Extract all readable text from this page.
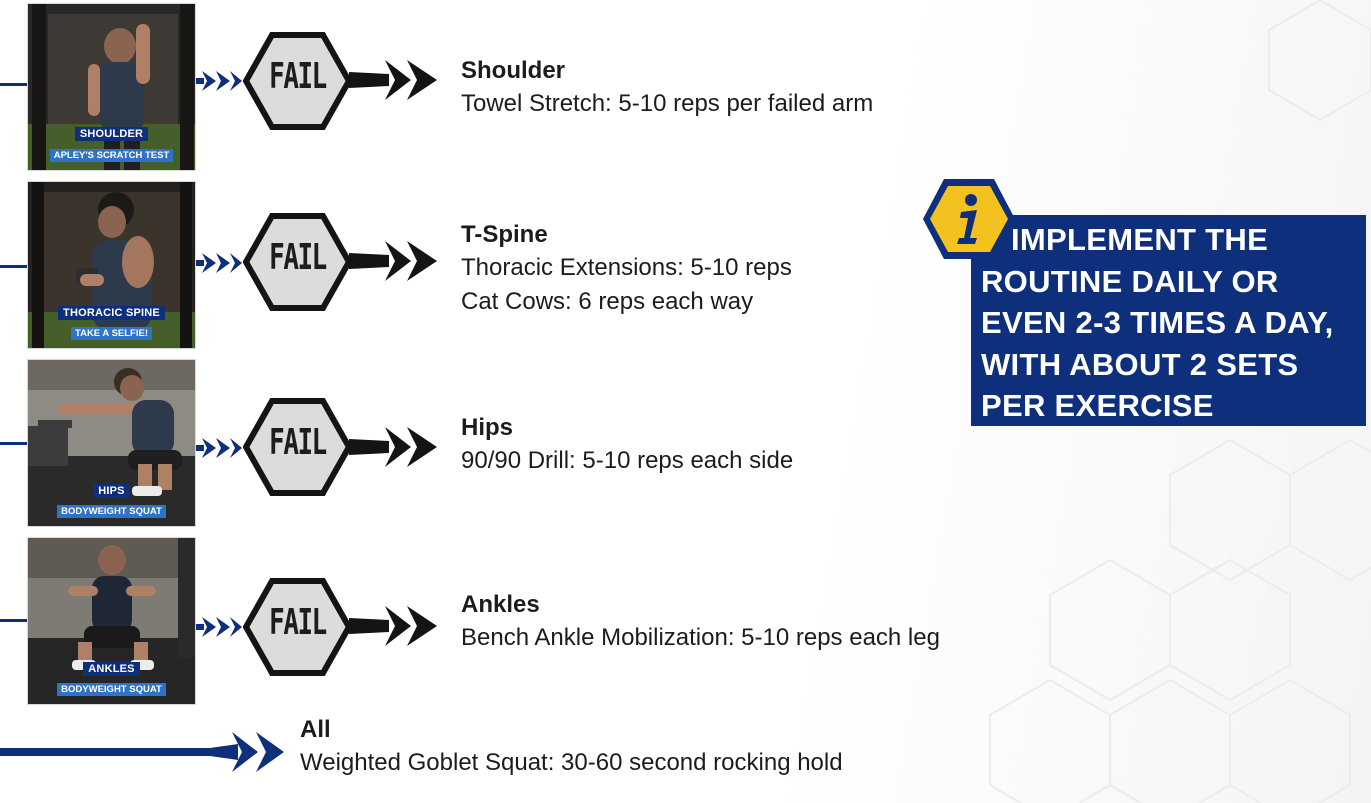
SHOULDER
APLEY'S SCRATCH TEST
FAIL	Shoulder
Towel Stretch: 5-10 reps per failed arm
THORACIC SPINE
TAKE A SELFIE!
FAIL
T-Spine
Thoracic Extensions: 5-10 reps
Cat Cows: 6 reps each way
HIPS
BODYWEIGHT SQUAT
FAIL	Hips
90/90 Drill: 5-10 reps each side
ANKLES
BODYWEIGHT SQUAT
FAIL	Ankles
Bench Ankle Mobilization: 5-10 reps each leg
All
Weighted Goblet Squat: 30-60 second rocking hold
IMPLEMENT THE
ROUTINE DAILY OR
EVEN 2-3 TIMES A DAY,
WITH ABOUT 2 SETS
PER EXERCISE
